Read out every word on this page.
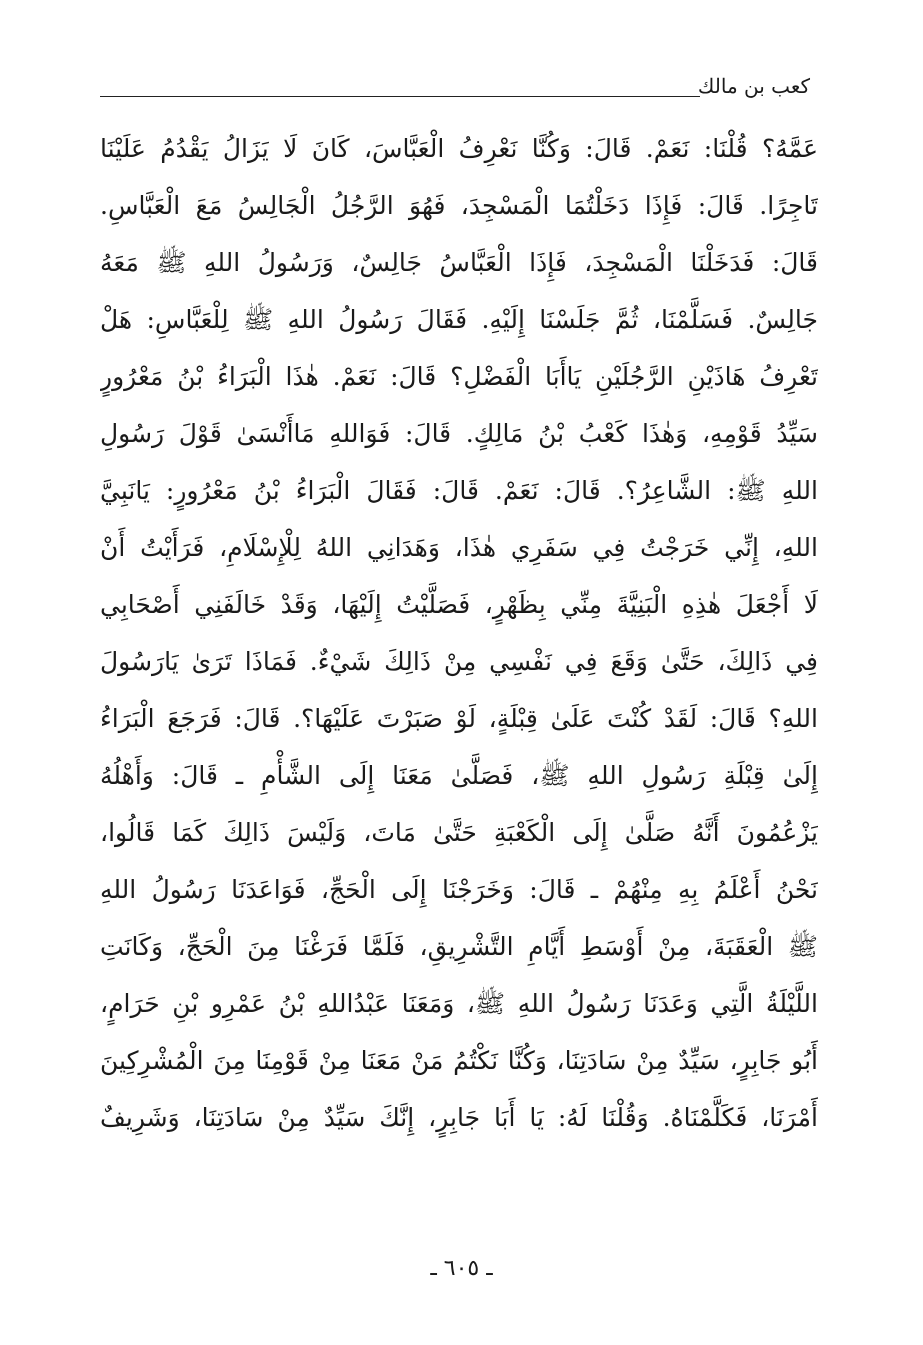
كعب بن مالك
عَمَّهُ؟ قُلْنَا: نَعَمْ. قَالَ: وَكُنَّا نَعْرِفُ الْعَبَّاسَ، كَانَ لَا يَزَالُ يَقْدُمُ عَلَيْنَا
تَاجِرًا. قَالَ: فَإِذَا دَخَلْتُمَا الْمَسْجِدَ، فَهُوَ الرَّجُلُ الْجَالِسُ مَعَ الْعَبَّاسِ.
قَالَ: فَدَخَلْنَا الْمَسْجِدَ، فَإِذَا الْعَبَّاسُ جَالِسٌ، وَرَسُولُ اللهِ ﷺ مَعَهُ
جَالِسٌ. فَسَلَّمْنَا، ثُمَّ جَلَسْنَا إِلَيْهِ. فَقَالَ رَسُولُ اللهِ ﷺ لِلْعَبَّاسِ: هَلْ
تَعْرِفُ هَاذَيْنِ الرَّجُلَيْنِ يَاأَبَا الْفَضْلِ؟ قَالَ: نَعَمْ. هٰذَا الْبَرَاءُ بْنُ مَعْرُورٍ
سَيِّدُ قَوْمِهِ، وَهٰذَا كَعْبُ بْنُ مَالِكٍ. قَالَ: فَوَاللهِ مَاأَنْسَىٰ قَوْلَ رَسُولِ
اللهِ ﷺ: الشَّاعِرُ؟. قَالَ: نَعَمْ. قَالَ: فَقَالَ الْبَرَاءُ بْنُ مَعْرُورٍ: يَانَبِيَّ
اللهِ، إِنِّي خَرَجْتُ فِي سَفَرِي هٰذَا، وَهَدَانِي اللهُ لِلْإِسْلَامِ، فَرَأَيْتُ أَنْ
لَا أَجْعَلَ هٰذِهِ الْبَنِيَّةَ مِنِّي بِظَهْرٍ، فَصَلَّيْتُ إِلَيْهَا، وَقَدْ خَالَفَنِي أَصْحَابِي
فِي ذَالِكَ، حَتَّىٰ وَقَعَ فِي نَفْسِي مِنْ ذَالِكَ شَيْءٌ. فَمَاذَا تَرَىٰ يَارَسُولَ
اللهِ؟ قَالَ: لَقَدْ كُنْتَ عَلَىٰ قِبْلَةٍ، لَوْ صَبَرْتَ عَلَيْهَا؟. قَالَ: فَرَجَعَ الْبَرَاءُ
إِلَىٰ قِبْلَةِ رَسُولِ اللهِ ﷺ، فَصَلَّىٰ مَعَنَا إِلَى الشَّأْمِ ـ قَالَ: وَأَهْلُهُ
يَزْعُمُونَ أَنَّهُ صَلَّىٰ إِلَى الْكَعْبَةِ حَتَّىٰ مَاتَ، وَلَيْسَ ذَالِكَ كَمَا قَالُوا،
نَحْنُ أَعْلَمُ بِهِ مِنْهُمْ ـ قَالَ: وَخَرَجْنَا إِلَى الْحَجِّ، فَوَاعَدَنَا رَسُولُ اللهِ
ﷺ الْعَقَبَةَ، مِنْ أَوْسَطِ أَيَّامِ التَّشْرِيقِ، فَلَمَّا فَرَغْنَا مِنَ الْحَجِّ، وَكَانَتِ
اللَّيْلَةُ الَّتِي وَعَدَنَا رَسُولُ اللهِ ﷺ، وَمَعَنَا عَبْدُاللهِ بْنُ عَمْرِو بْنِ حَرَامٍ،
أَبُو جَابِرٍ، سَيِّدٌ مِنْ سَادَتِنَا، وَكُنَّا نَكْتُمُ مَنْ مَعَنَا مِنْ قَوْمِنَا مِنَ الْمُشْرِكِينَ
أَمْرَنَا، فَكَلَّمْنَاهُ. وَقُلْنَا لَهُ: يَا أَبَا جَابِرٍ، إِنَّكَ سَيِّدٌ مِنْ سَادَتِنَا، وَشَرِيفٌ
ـ ٦٠٥ ـ
